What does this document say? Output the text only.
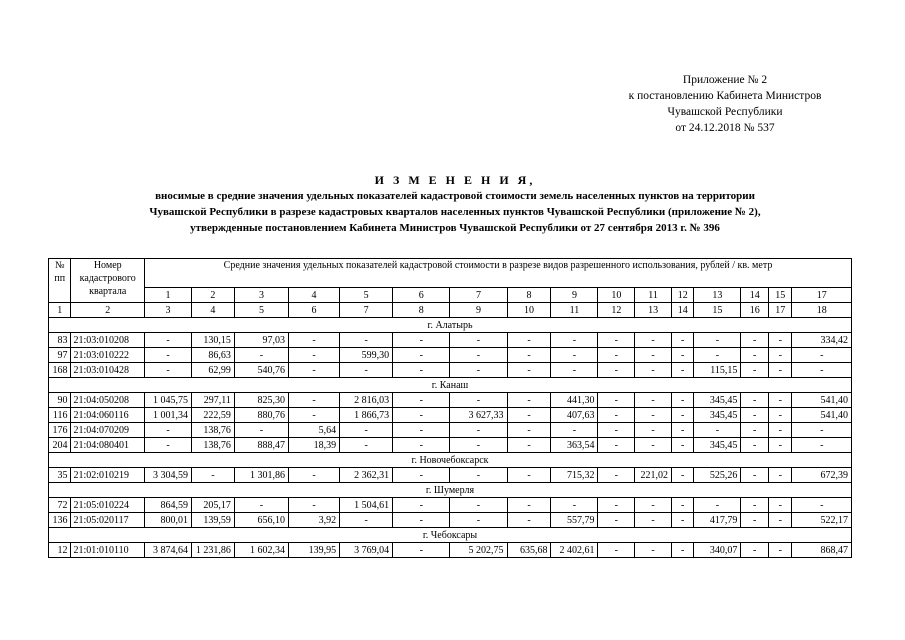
Приложение № 2
к постановлению Кабинета Министров
Чувашской Республики
от 24.12.2018 № 537
И З М Е Н Е Н И Я,
вносимые в средние значения удельных показателей кадастровой стоимости земель населенных пунктов на территории
Чувашской Республики в разрезе кадастровых кварталов населенных пунктов Чувашской Республики (приложение № 2),
утвержденные постановлением Кабинета Министров Чувашской Республики от 27 сентября 2013 г. № 396
№ пп	Номер кадастрового квартала	Средние значения удельных показателей кадастровой стоимости в разрезе видов разрешенного использования, рублей / кв. метр															
		1	2	3	4	5	6	7	8	9	10	11	12	13	14	15	17
1	2	3	4	5	6	7	8	9	10	11	12	13	14	15	16	17	18
г. Алатырь																	
83	21:03:010208	-	130,15	97,03	-	-	-	-	-	-	-	-	-	-	-	-	334,42
97	21:03:010222	-	86,63	-	-	599,30	-	-	-	-	-	-	-	-	-	-	-
168	21:03:010428	-	62,99	540,76	-	-	-	-	-	-	-	-	-	115,15	-	-	-
г. Канаш																	
90	21:04:050208	1 045,75	297,11	825,30	-	2 816,03	-	-	-	441,30	-	-	-	345,45	-	-	541,40
116	21:04:060116	1 001,34	222,59	880,76	-	1 866,73	-	3 627,33	-	407,63	-	-	-	345,45	-	-	541,40
176	21:04:070209	-	138,76	-	5,64	-	-	-	-	-	-	-	-	-	-	-	-
204	21:04:080401	-	138,76	888,47	18,39	-	-	-	-	363,54	-	-	-	345,45	-	-	-
г. Новочебоксарск																	
35	21:02:010219	3 304,59	-	1 301,86	-	2 362,31	-	-	-	715,32	-	221,02	-	525,26	-	-	672,39
г. Шумерля																	
72	21:05:010224	864,59	205,17	-	-	1 504,61	-	-	-	-	-	-	-	-	-	-	-
136	21:05:020117	800,01	139,59	656,10	3,92	-	-	-	-	557,79	-	-	-	417,79	-	-	522,17
г. Чебоксары																	
12	21:01:010110	3 874,64	1 231,86	1 602,34	139,95	3 769,04	-	5 202,75	635,68	2 402,61	-	-	-	340,07	-	-	868,47
